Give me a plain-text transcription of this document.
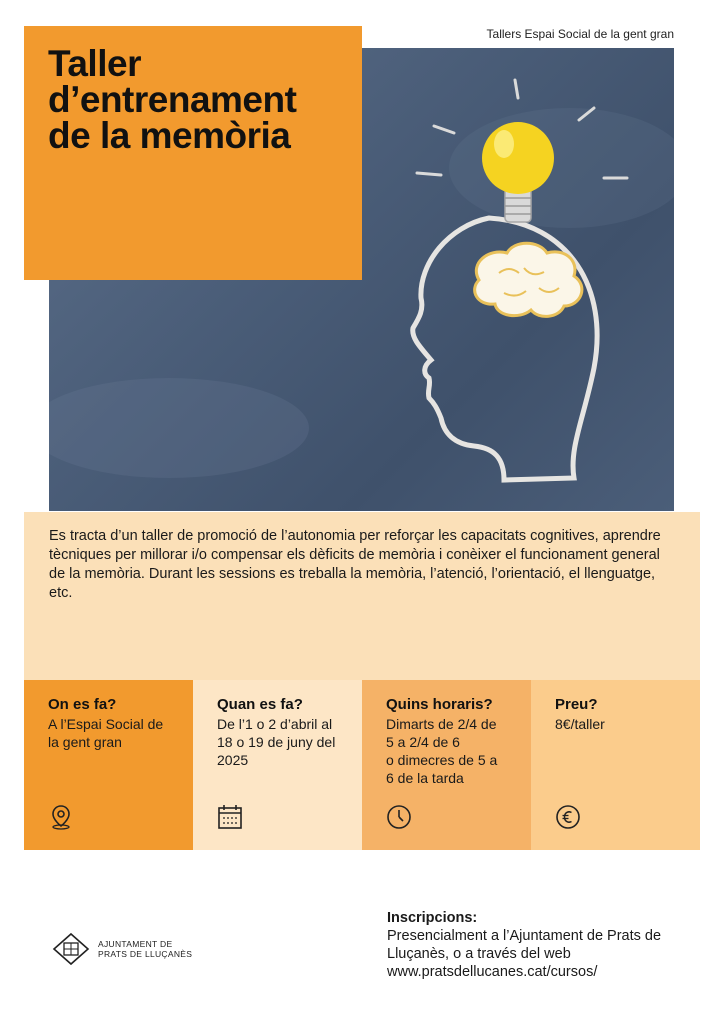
Tallers Espai Social de la gent gran
Taller
d’entrenament
de la memòria

Es tracta d’un taller de promoció de l’autonomia per reforçar les capacitats cognitives, aprendre tècniques per millorar i/o compensar els dèficits de memòria i conèixer el funcionament general de la memòria. Durant les sessions es treballa la memòria, l’atenció, l’orientació, el llenguatge, etc.

On es fa?
A l’Espai Social de la gent gran
Quan es fa?
De l’1 o 2 d’abril al 18 o 19 de juny del 2025
Quins horaris?
Dimarts de 2/4 de 5 a 2/4 de 6
o dimecres de 5 a 6 de la tarda
Preu?
8€/taller
AJUNTAMENT DE
PRATS DE LLUÇANÈS
Inscripcions:

Presencialment a l’Ajuntament de Prats de Lluçanès, o a través del web

www.pratsdellucanes.cat/cursos/
